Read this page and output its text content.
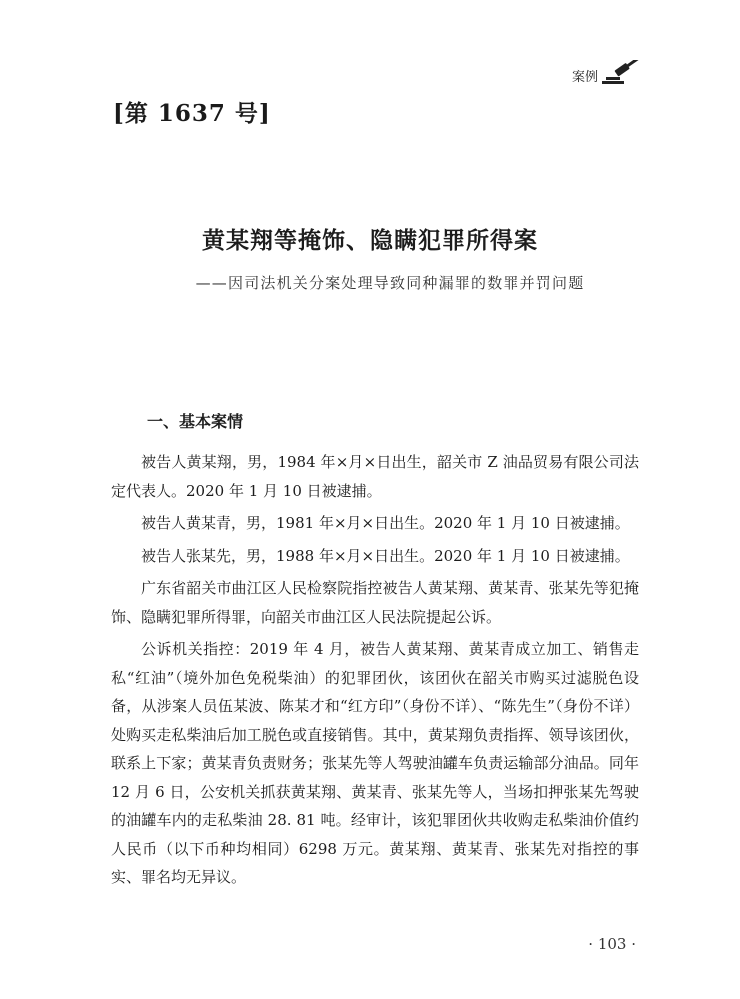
案例
[第 1637 号]
黄某翔等掩饰、隐瞒犯罪所得案
——因司法机关分案处理导致同种漏罪的数罪并罚问题
一、基本案情

被告人黄某翔，男，1984 年×月×日出生，韶关市 Z 油品贸易有限公司法定代表人。2020 年 1 月 10 日被逮捕。

被告人黄某青，男，1981 年×月×日出生。2020 年 1 月 10 日被逮捕。

被告人张某先，男，1988 年×月×日出生。2020 年 1 月 10 日被逮捕。

广东省韶关市曲江区人民检察院指控被告人黄某翔、黄某青、张某先等犯掩饰、隐瞒犯罪所得罪，向韶关市曲江区人民法院提起公诉。

公诉机关指控：2019 年 4 月，被告人黄某翔、黄某青成立加工、销售走私“红油”（境外加色免税柴油）的犯罪团伙，该团伙在韶关市购买过滤脱色设备，从涉案人员伍某波、陈某才和“红方印”（身份不详）、“陈先生”（身份不详）处购买走私柴油后加工脱色或直接销售。其中，黄某翔负责指挥、领导该团伙，联系上下家；黄某青负责财务；张某先等人驾驶油罐车负责运输部分油品。同年 12 月 6 日，公安机关抓获黄某翔、黄某青、张某先等人，当场扣押张某先驾驶的油罐车内的走私柴油 28. 81 吨。经审计，该犯罪团伙共收购走私柴油价值约人民币（以下币种均相同）6298 万元。黄某翔、黄某青、张某先对指控的事实、罪名均无异议。

· 103 ·
